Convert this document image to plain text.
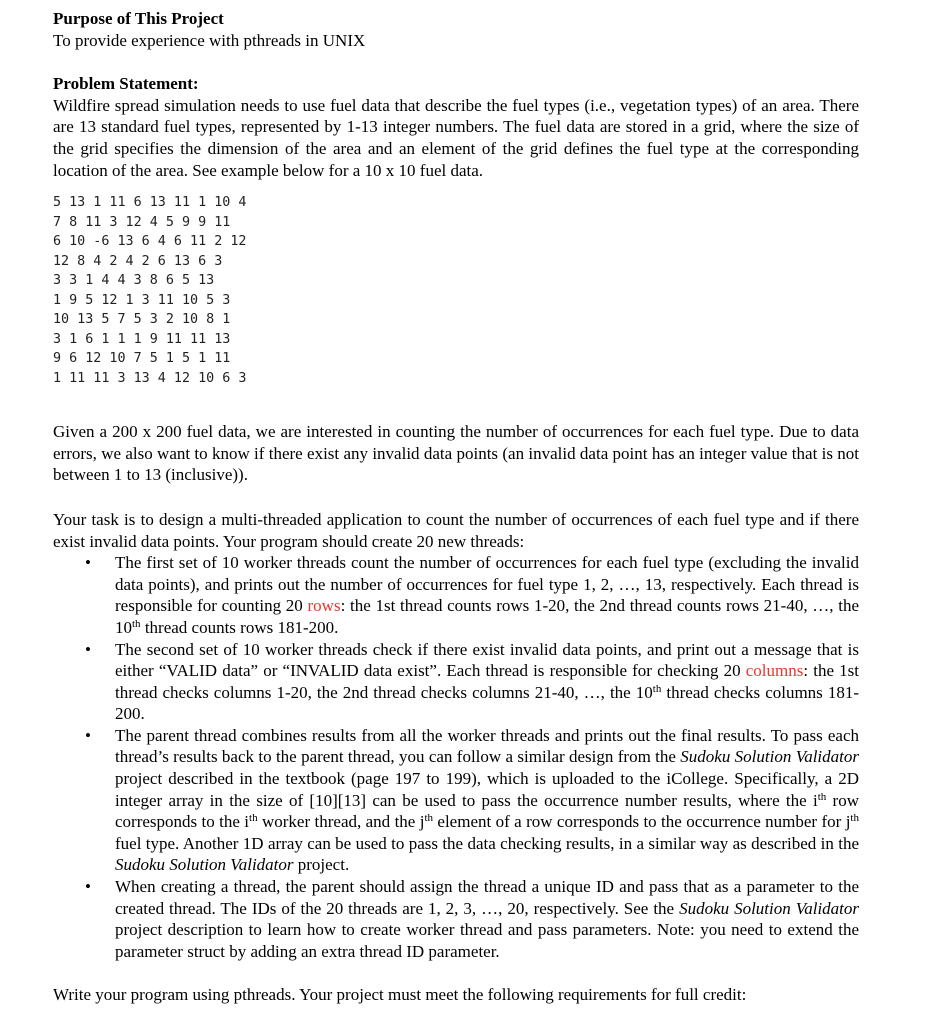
Purpose of This Project

To provide experience with pthreads in UNIX

Problem Statement:

Wildfire spread simulation needs to use fuel data that describe the fuel types (i.e., vegetation types) of an area. There are 13 standard fuel types, represented by 1-13 integer numbers. The fuel data are stored in a grid, where the size of the grid specifies the dimension of the area and an element of the grid defines the fuel type at the corresponding location of the area. See example below for a 10 x 10 fuel data.

5 13 1 11 6 13 11 1 10 4
7 8 11 3 12 4 5 9 9 11
6 10 -6 13 6 4 6 11 2 12
12 8 4 2 4 2 6 13 6 3
3 3 1 4 4 3 8 6 5 13
1 9 5 12 1 3 11 10 5 3
10 13 5 7 5 3 2 10 8 1
3 1 6 1 1 1 9 11 11 13
9 6 12 10 7 5 1 5 1 11
1 11 11 3 13 4 12 10 6 3

Given a 200 x 200 fuel data, we are interested in counting the number of occurrences for each fuel type. Due to data errors, we also want to know if there exist any invalid data points (an invalid data point has an integer value that is not between 1 to 13 (inclusive)).

Your task is to design a multi-threaded application to count the number of occurrences of each fuel type and if there exist invalid data points. Your program should create 20 new threads:

• The first set of 10 worker threads count the number of occurrences for each fuel type (excluding the invalid data points), and prints out the number of occurrences for fuel type 1, 2, …, 13, respectively. Each thread is responsible for counting 20 rows: the 1st thread counts rows 1-20, the 2nd thread counts rows 21-40, …, the 10th thread counts rows 181-200.
• The second set of 10 worker threads check if there exist invalid data points, and print out a message that is either “VALID data” or “INVALID data exist”. Each thread is responsible for checking 20 columns: the 1st thread checks columns 1-20, the 2nd thread checks columns 21-40, …, the 10th thread checks columns 181-200.
• The parent thread combines results from all the worker threads and prints out the final results. To pass each thread’s results back to the parent thread, you can follow a similar design from the Sudoku Solution Validator project described in the textbook (page 197 to 199), which is uploaded to the iCollege. Specifically, a 2D integer array in the size of [10][13] can be used to pass the occurrence number results, where the $i^{th}$ row corresponds to the $i^{th}$ worker thread, and the $j^{th}$ element of a row corresponds to the occurrence number for $j^{th}$ fuel type. Another 1D array can be used to pass the data checking results, in a similar way as described in the Sudoku Solution Validator project.
• When creating a thread, the parent should assign the thread a unique ID and pass that as a parameter to the created thread. The IDs of the 20 threads are 1, 2, 3, …, 20, respectively. See the Sudoku Solution Validator project description to learn how to create worker thread and pass parameters. Note: you need to extend the parameter struct by adding an extra thread ID parameter.

Write your program using pthreads. Your project must meet the following requirements for full credit:
